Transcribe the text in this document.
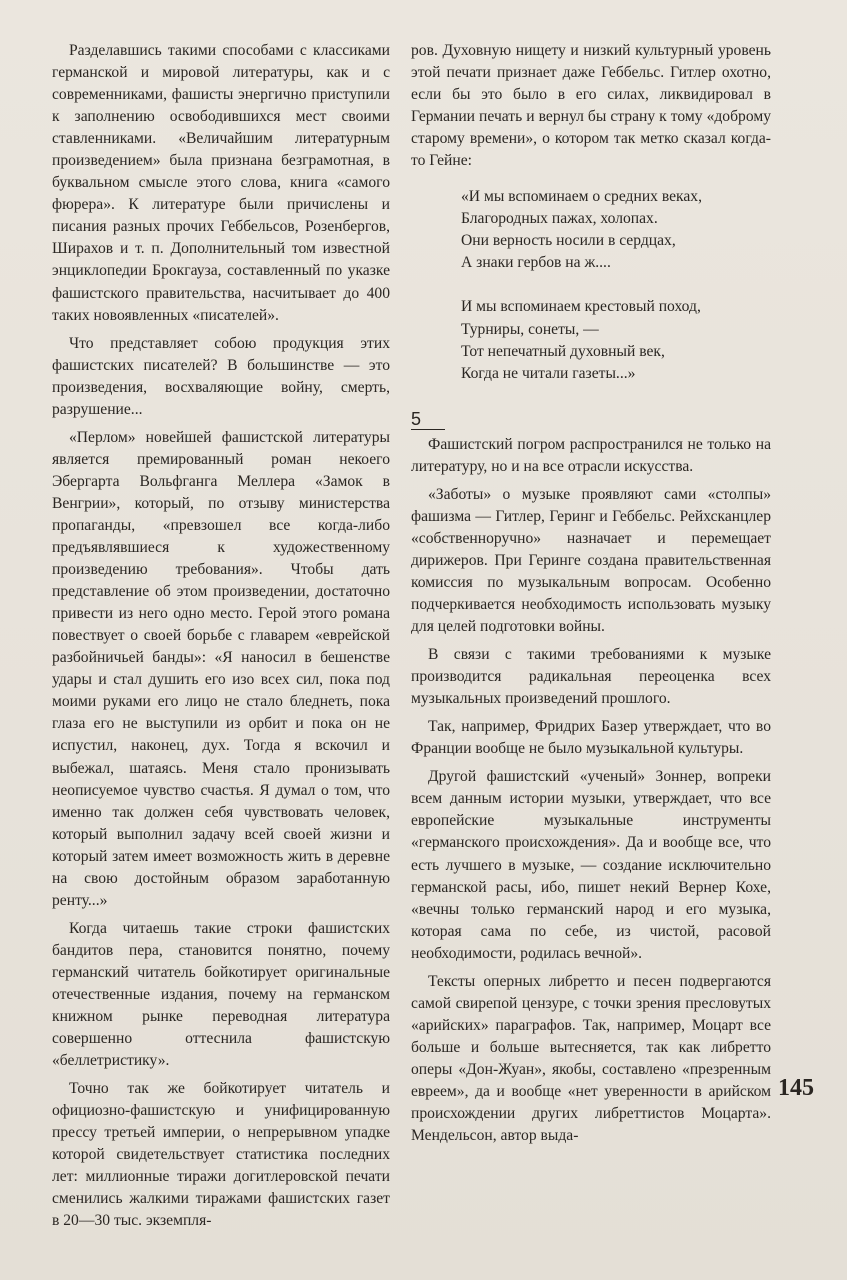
Разделавшись такими способами с классиками германской и мировой литературы, как и с современниками, фашисты энергично приступили к заполнению освободившихся мест своими ставленниками. «Величайшим литературным произведением» была признана безграмотная, в буквальном смысле этого слова, книга «самого фюрера». К литературе были причислены и писания разных прочих Геббельсов, Розенбергов, Ширахов и т. п. Дополнительный том известной энциклопедии Брокгауза, составленный по указке фашистского правительства, насчитывает до 400 таких новоявленных «писателей».

Что представляет собою продукция этих фашистских писателей? В большинстве — это произведения, восхваляющие войну, смерть, разрушение...

«Перлом» новейшей фашистской литературы является премированный роман некоего Эбергарта Вольфганга Меллера «Замок в Венгрии», который, по отзыву министерства пропаганды, «превзошел все когда-либо предъявлявшиеся к художественному произведению требования». Чтобы дать представление об этом произведении, достаточно привести из него одно место. Герой этого романа повествует о своей борьбе с главарем «еврейской разбойничьей банды»: «Я наносил в бешенстве удары и стал душить его изо всех сил, пока под моими руками его лицо не стало бледнеть, пока глаза его не выступили из орбит и пока он не испустил, наконец, дух. Тогда я вскочил и выбежал, шатаясь. Меня стало пронизывать неописуемое чувство счастья. Я думал о том, что именно так должен себя чувствовать человек, который выполнил задачу всей своей жизни и который затем имеет возможность жить в деревне на свою достойным образом заработанную ренту...»

Когда читаешь такие строки фашистских бандитов пера, становится понятно, почему германский читатель бойкотирует оригинальные отечественные издания, почему на германском книжном рынке переводная литература совершенно оттеснила фашистскую «беллетристику».

Точно так же бойкотирует читатель и официозно-фашистскую и унифицированную прессу третьей империи, о непрерывном упадке которой свидетельствует статистика последних лет: миллионные тиражи догитлеровской печати сменились жалкими тиражами фашистских газет в 20—30 тыс. экземпля-

ров. Духовную нищету и низкий культурный уровень этой печати признает даже Геббельс. Гитлер охотно, если бы это было в его силах, ликвидировал в Германии печать и вернул бы страну к тому «доброму старому времени», о котором так метко сказал когда-то Гейне:

«И мы вспоминаем о средних веках,
Благородных пажах, холопах.
Они верность носили в сердцах,
А знаки гербов на ж....
И мы вспоминаем крестовый поход,
Турниры, сонеты, —
Тот непечатный духовный век,
Когда не читали газеты...»
5

Фашистский погром распространился не только на литературу, но и на все отрасли искусства.

«Заботы» о музыке проявляют сами «столпы» фашизма — Гитлер, Геринг и Геббельс. Рейхсканцлер «собственноручно» назначает и перемещает дирижеров. При Геринге создана правительственная комиссия по музыкальным вопросам. Особенно подчеркивается необходимость использовать музыку для целей подготовки войны.

В связи с такими требованиями к музыке производится радикальная переоценка всех музыкальных произведений прошлого.

Так, например, Фридрих Базер утверждает, что во Франции вообще не было музыкальной культуры.

Другой фашистский «ученый» Зоннер, вопреки всем данным истории музыки, утверждает, что все европейские музыкальные инструменты «германского происхождения». Да и вообще все, что есть лучшего в музыке, — создание исключительно германской расы, ибо, пишет некий Вернер Кохе, «вечны только германский народ и его музыка, которая сама по себе, из чистой, расовой необходимости, родилась вечной».

Тексты оперных либретто и песен подвергаются самой свирепой цензуре, с точки зрения пресловутых «арийских» параграфов. Так, например, Моцарт все больше и больше вытесняется, так как либретто оперы «Дон-Жуан», якобы, составлено «презренным евреем», да и вообще «нет уверенности в арийском происхождении других либреттистов Моцарта». Мендельсон, автор выда-

145
